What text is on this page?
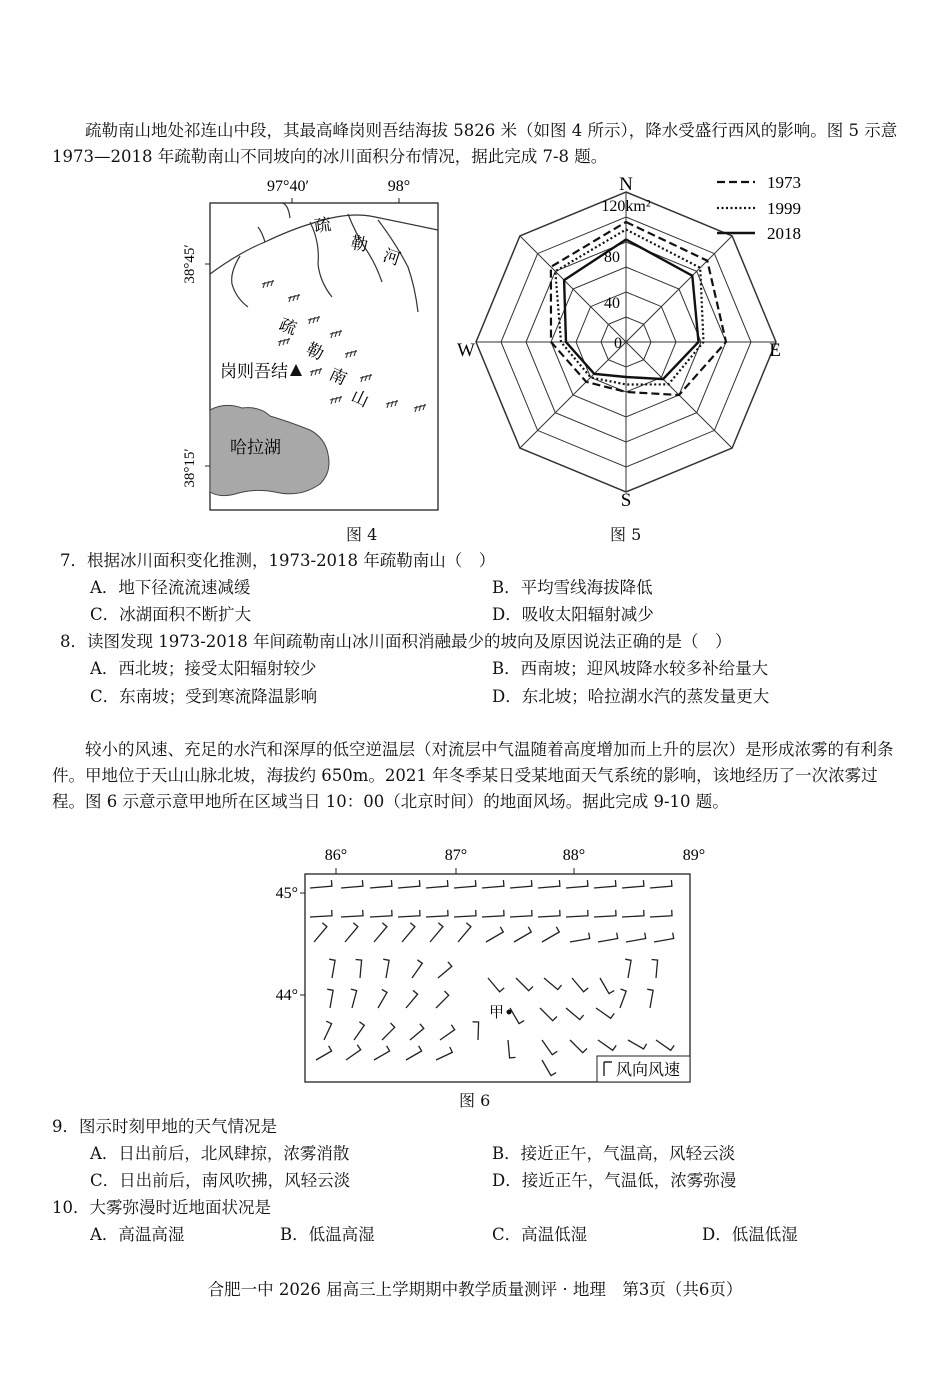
疏勒南山地处祁连山中段，其最高峰岗则吾结海拔 5826 米（如图 4 所示），降水受盛行西风的影响。图 5 示意 1973—2018 年疏勒南山不同坡向的冰川面积分布情况，据此完成 7-8 题。
97°40′	98°
38°45′
38°15′
疏
勒
河
疏
勒
南
山
岗则吾结
哈拉湖
图 4
N
S
W	E
120km²
0
40
80
1973
1999
2018
图 5
7．根据冰川面积变化推测，1973-2018 年疏勒南山（　）
A．地下径流流速减缓	B．平均雪线海拔降低
C．冰湖面积不断扩大	D．吸收太阳辐射减少
8．读图发现 1973-2018 年间疏勒南山冰川面积消融最少的坡向及原因说法正确的是（　）
A．西北坡；接受太阳辐射较少	B．西南坡；迎风坡降水较多补给量大
C．东南坡；受到寒流降温影响	D．东北坡；哈拉湖水汽的蒸发量更大
较小的风速、充足的水汽和深厚的低空逆温层（对流层中气温随着高度增加而上升的层次）是形成浓雾的有利条件。甲地位于天山山脉北坡，海拔约 650m。2021 年冬季某日受某地面天气系统的影响，该地经历了一次浓雾过程。图 6 示意示意甲地所在区域当日 10：00（北京时间）的地面风场。据此完成 9-10 题。
86°	87°	88°	89°
45°
44°
甲
风向风速
图 6
9．图示时刻甲地的天气情况是
A．日出前后，北风肆掠，浓雾消散	B．接近正午，气温高，风轻云淡
C．日出前后，南风吹拂，风轻云淡	D．接近正午，气温低，浓雾弥漫
10．大雾弥漫时近地面状况是
A．高温高湿	B．低温高湿	C．高温低湿	D．低温低湿
合肥一中 2026 届高三上学期期中教学质量测评 · 地理　第3页（共6页）
